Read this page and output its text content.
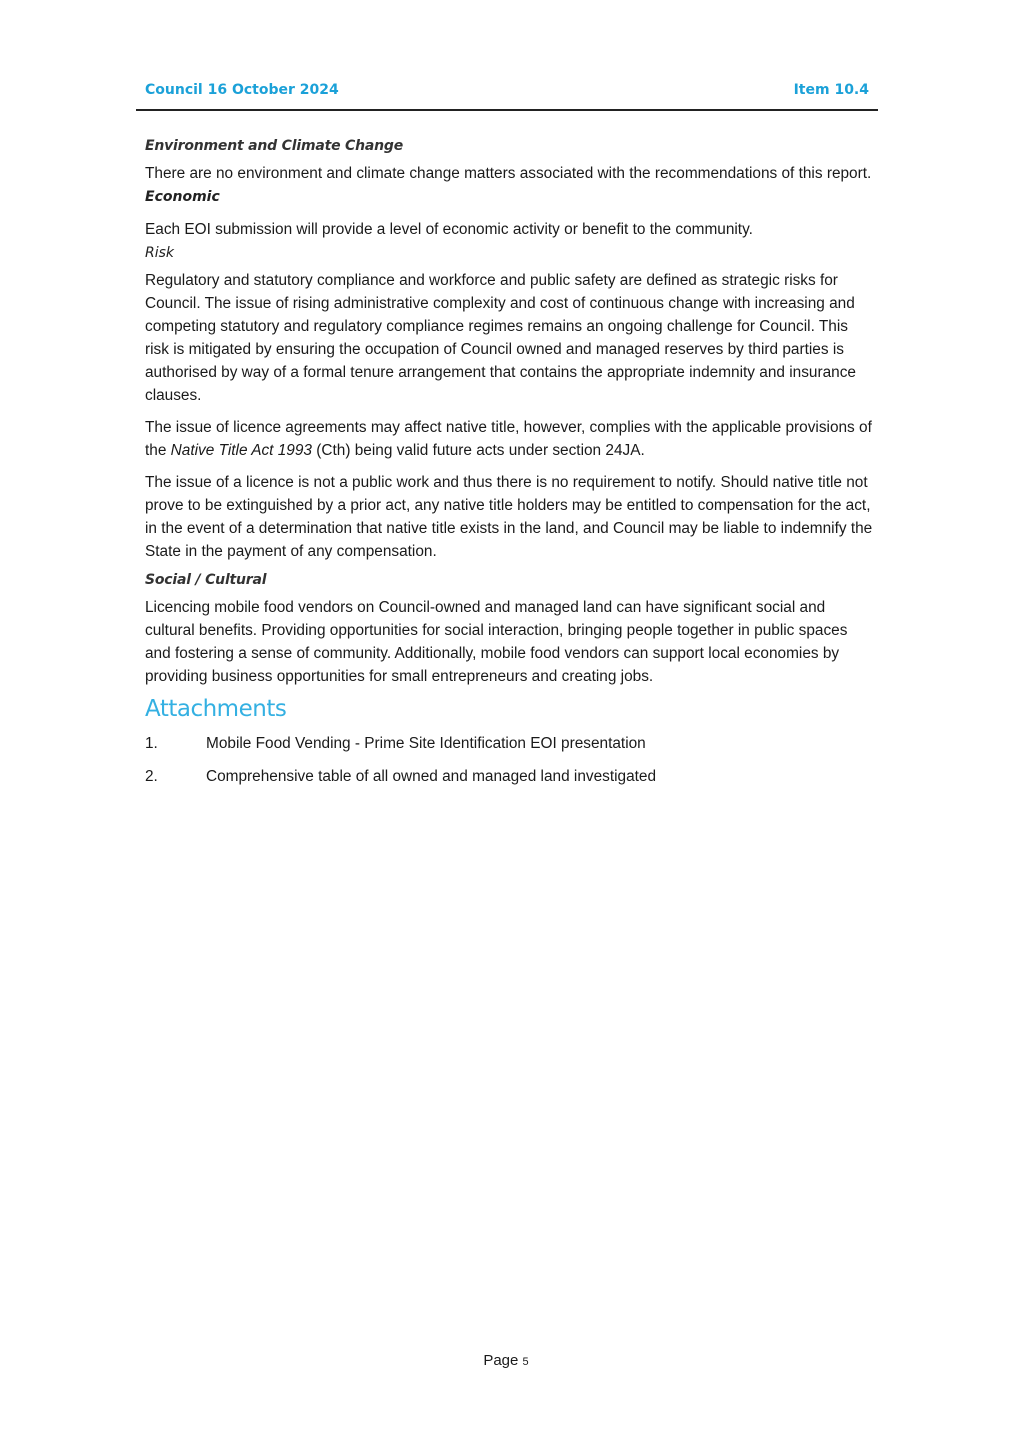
Council 16 October 2024	Item 10.4
Environment and Climate Change

There are no environment and climate change matters associated with the recommendations of this report. Economic

Each EOI submission will provide a level of economic activity or benefit to the community.

Risk

Regulatory and statutory compliance and workforce and public safety are defined as strategic risks for Council. The issue of rising administrative complexity and cost of continuous change with increasing and competing statutory and regulatory compliance regimes remains an ongoing challenge for Council. This risk is mitigated by ensuring the occupation of Council owned and managed reserves by third parties is authorised by way of a formal tenure arrangement that contains the appropriate indemnity and insurance clauses.

The issue of licence agreements may affect native title, however, complies with the applicable provisions of the Native Title Act 1993 (Cth) being valid future acts under section 24JA.

The issue of a licence is not a public work and thus there is no requirement to notify. Should native title not prove to be extinguished by a prior act, any native title holders may be entitled to compensation for the act, in the event of a determination that native title exists in the land, and Council may be liable to indemnify the State in the payment of any compensation.

Social / Cultural

Licencing mobile food vendors on Council-owned and managed land can have significant social and cultural benefits. Providing opportunities for social interaction, bringing people together in public spaces and fostering a sense of community. Additionally, mobile food vendors can support local economies by providing business opportunities for small entrepreneurs and creating jobs.

Attachments
1.	Mobile Food Vending - Prime Site Identification EOI presentation
2.	Comprehensive table of all owned and managed land investigated
Page 5
